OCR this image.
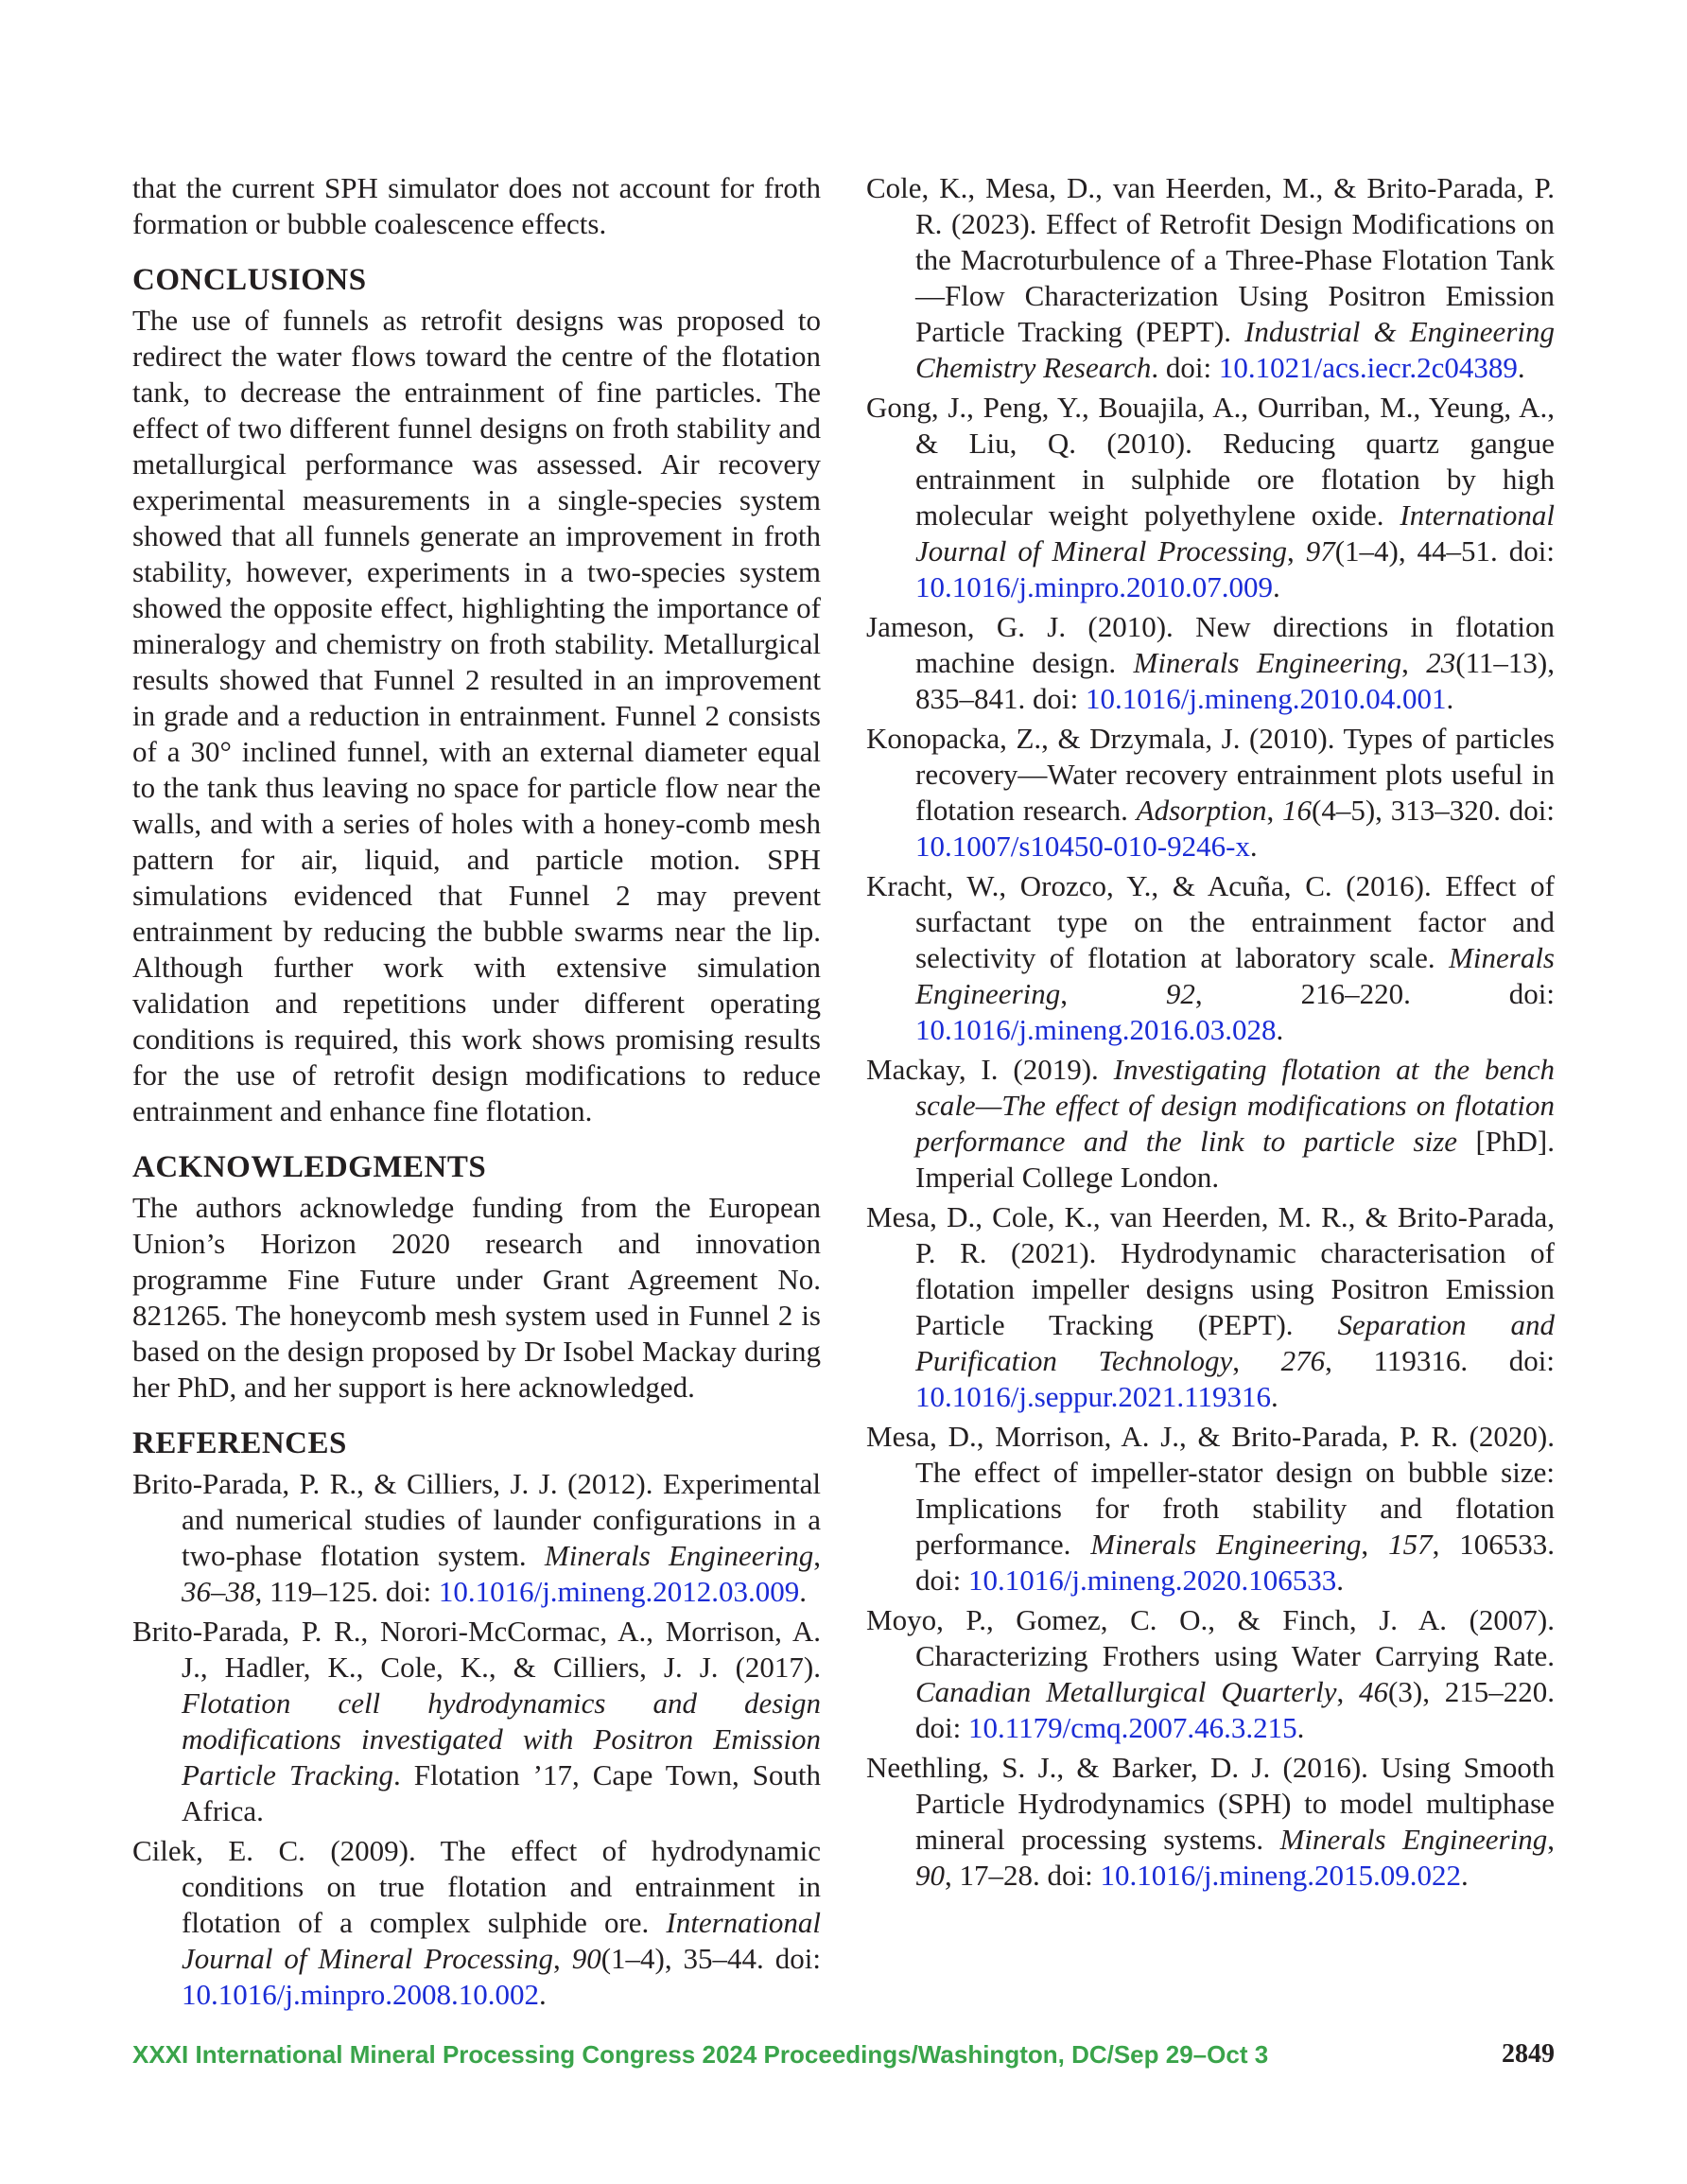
that the current SPH simulator does not account for froth formation or bubble coalescence effects.

CONCLUSIONS

The use of funnels as retrofit designs was proposed to redirect the water flows toward the centre of the flotation tank, to decrease the entrainment of fine particles. The effect of two different funnel designs on froth stability and metallurgical performance was assessed. Air recovery experimental measurements in a single-species system showed that all funnels generate an improvement in froth stability, however, experiments in a two-species system showed the opposite effect, highlighting the importance of mineralogy and chemistry on froth stability. Metallurgical results showed that Funnel 2 resulted in an improvement in grade and a reduction in entrainment. Funnel 2 consists of a 30° inclined funnel, with an external diameter equal to the tank thus leaving no space for particle flow near the walls, and with a series of holes with a honey-comb mesh pattern for air, liquid, and particle motion. SPH simulations evidenced that Funnel 2 may prevent entrainment by reducing the bubble swarms near the lip. Although further work with extensive simulation validation and repetitions under different operating conditions is required, this work shows promising results for the use of retrofit design modifications to reduce entrainment and enhance fine flotation.

ACKNOWLEDGMENTS

The authors acknowledge funding from the European Union’s Horizon 2020 research and innovation programme Fine Future under Grant Agreement No. 821265. The honeycomb mesh system used in Funnel 2 is based on the design proposed by Dr Isobel Mackay during her PhD, and her support is here acknowledged.

REFERENCES

Brito-Parada, P. R., & Cilliers, J. J. (2012). Experimental and numerical studies of launder configurations in a two-phase flotation system. Minerals Engineering, 36–38, 119–125. doi: 10.1016/j.mineng.2012.03.009.

Brito-Parada, P. R., Norori-McCormac, A., Morrison, A. J., Hadler, K., Cole, K., & Cilliers, J. J. (2017). Flotation cell hydrodynamics and design modifications investigated with Positron Emission Particle Tracking. Flotation ’17, Cape Town, South Africa.

Cilek, E. C. (2009). The effect of hydrodynamic conditions on true flotation and entrainment in flotation of a complex sulphide ore. International Journal of Mineral Processing, 90(1–4), 35–44. doi: 10.1016/j.minpro.2008.10.002.

Cole, K., Mesa, D., van Heerden, M., & Brito-Parada, P. R. (2023). Effect of Retrofit Design Modifications on the Macroturbulence of a Three-Phase Flotation Tank—Flow Characterization Using Positron Emission Particle Tracking (PEPT). Industrial & Engineering Chemistry Research. doi: 10.1021/acs.iecr.2c04389.

Gong, J., Peng, Y., Bouajila, A., Ourriban, M., Yeung, A., & Liu, Q. (2010). Reducing quartz gangue entrainment in sulphide ore flotation by high molecular weight polyethylene oxide. International Journal of Mineral Processing, 97(1–4), 44–51. doi: 10.1016/j.minpro.2010.07.009.

Jameson, G. J. (2010). New directions in flotation machine design. Minerals Engineering, 23(11–13), 835–841. doi: 10.1016/j.mineng.2010.04.001.

Konopacka, Z., & Drzymala, J. (2010). Types of particles recovery—Water recovery entrainment plots useful in flotation research. Adsorption, 16(4–5), 313–320. doi: 10.1007/s10450-010-9246-x.

Kracht, W., Orozco, Y., & Acuña, C. (2016). Effect of surfactant type on the entrainment factor and selectivity of flotation at laboratory scale. Minerals Engineering, 92, 216–220. doi: 10.1016/j.mineng.2016.03.028.

Mackay, I. (2019). Investigating flotation at the bench scale—The effect of design modifications on flotation performance and the link to particle size [PhD]. Imperial College London.

Mesa, D., Cole, K., van Heerden, M. R., & Brito-Parada, P. R. (2021). Hydrodynamic characterisation of flotation impeller designs using Positron Emission Particle Tracking (PEPT). Separation and Purification Technology, 276, 119316. doi: 10.1016/j.seppur.2021.119316.

Mesa, D., Morrison, A. J., & Brito-Parada, P. R. (2020). The effect of impeller-stator design on bubble size: Implications for froth stability and flotation performance. Minerals Engineering, 157, 106533. doi: 10.1016/j.mineng.2020.106533.

Moyo, P., Gomez, C. O., & Finch, J. A. (2007). Characterizing Frothers using Water Carrying Rate. Canadian Metallurgical Quarterly, 46(3), 215–220. doi: 10.1179/cmq.2007.46.3.215.

Neethling, S. J., & Barker, D. J. (2016). Using Smooth Particle Hydrodynamics (SPH) to model multiphase mineral processing systems. Minerals Engineering, 90, 17–28. doi: 10.1016/j.mineng.2015.09.022.

XXXI International Mineral Processing Congress 2024 Proceedings/Washington, DC/Sep 29–Oct 3	2849
